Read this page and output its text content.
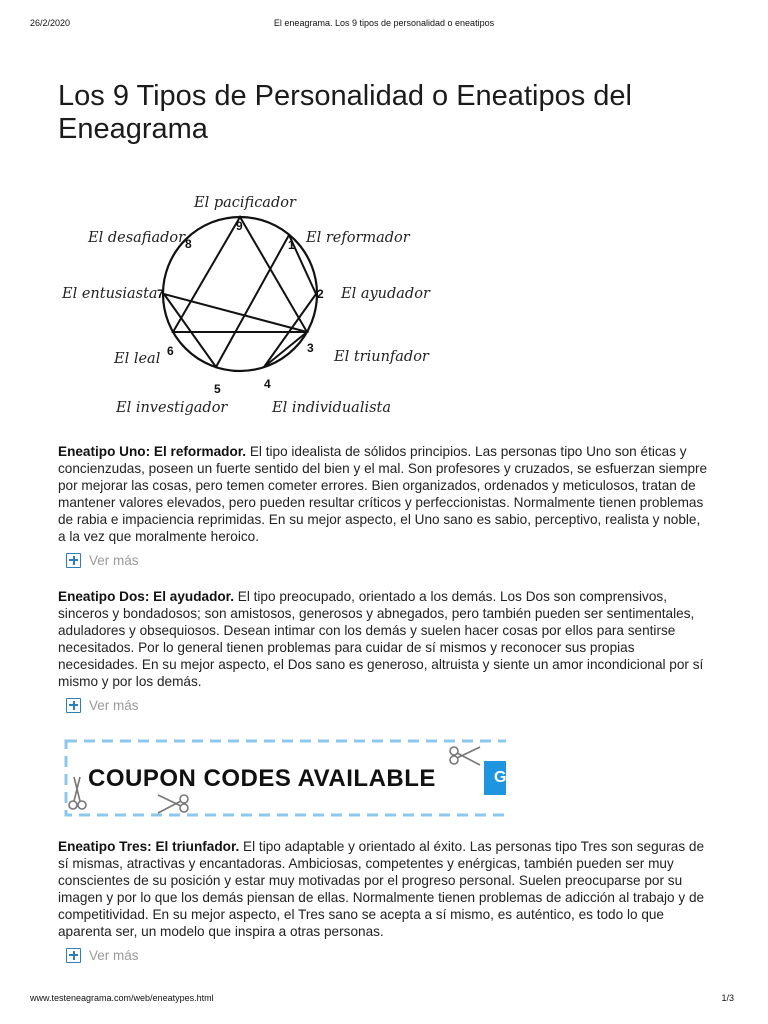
26/2/2020	El eneagrama. Los 9 tipos de personalidad o eneatipos
Los 9 Tipos de Personalidad o Eneatipos del Eneagrama
9
1
2
3
4
5
6
7
8
El pacificador
El reformador
El ayudador
El triunfador
El individualista
El investigador
El leal
El entusiasta
El desafiador

Eneatipo Uno: El reformador. El tipo idealista de sólidos principios. Las personas tipo Uno son éticas y concienzudas, poseen un fuerte sentido del bien y el mal. Son profesores y cruzados, se esfuerzan siempre por mejorar las cosas, pero temen cometer errores. Bien organizados, ordenados y meticulosos, tratan de mantener valores elevados, pero pueden resultar críticos y perfeccionistas. Normalmente tienen problemas de rabia e impaciencia reprimidas. En su mejor aspecto, el Uno sano es sabio, perceptivo, realista y noble, a la vez que moralmente heroico.

Ver más

Eneatipo Dos: El ayudador. El tipo preocupado, orientado a los demás. Los Dos son comprensivos, sinceros y bondadosos; son amistosos, generosos y abnegados, pero también pueden ser sentimentales, aduladores y obsequiosos. Desean intimar con los demás y suelen hacer cosas por ellos para sentirse necesitados. Por lo general tienen problemas para cuidar de sí mismos y reconocer sus propias necesidades. En su mejor aspecto, el Dos sano es generoso, altruista y siente un amor incondicional por sí mismo y por los demás.

Ver más
COUPON CODES AVAILABLE	G

Eneatipo Tres: El triunfador. El tipo adaptable y orientado al éxito. Las personas tipo Tres son seguras de sí mismas, atractivas y encantadoras. Ambiciosas, competentes y enérgicas, también pueden ser muy conscientes de su posición y estar muy motivadas por el progreso personal. Suelen preocuparse por su imagen y por lo que los demás piensan de ellas. Normalmente tienen problemas de adicción al trabajo y de competitividad. En su mejor aspecto, el Tres sano se acepta a sí mismo, es auténtico, es todo lo que aparenta ser, un modelo que inspira a otras personas.

Ver más
www.testeneagrama.com/web/eneatypes.html	1/3
